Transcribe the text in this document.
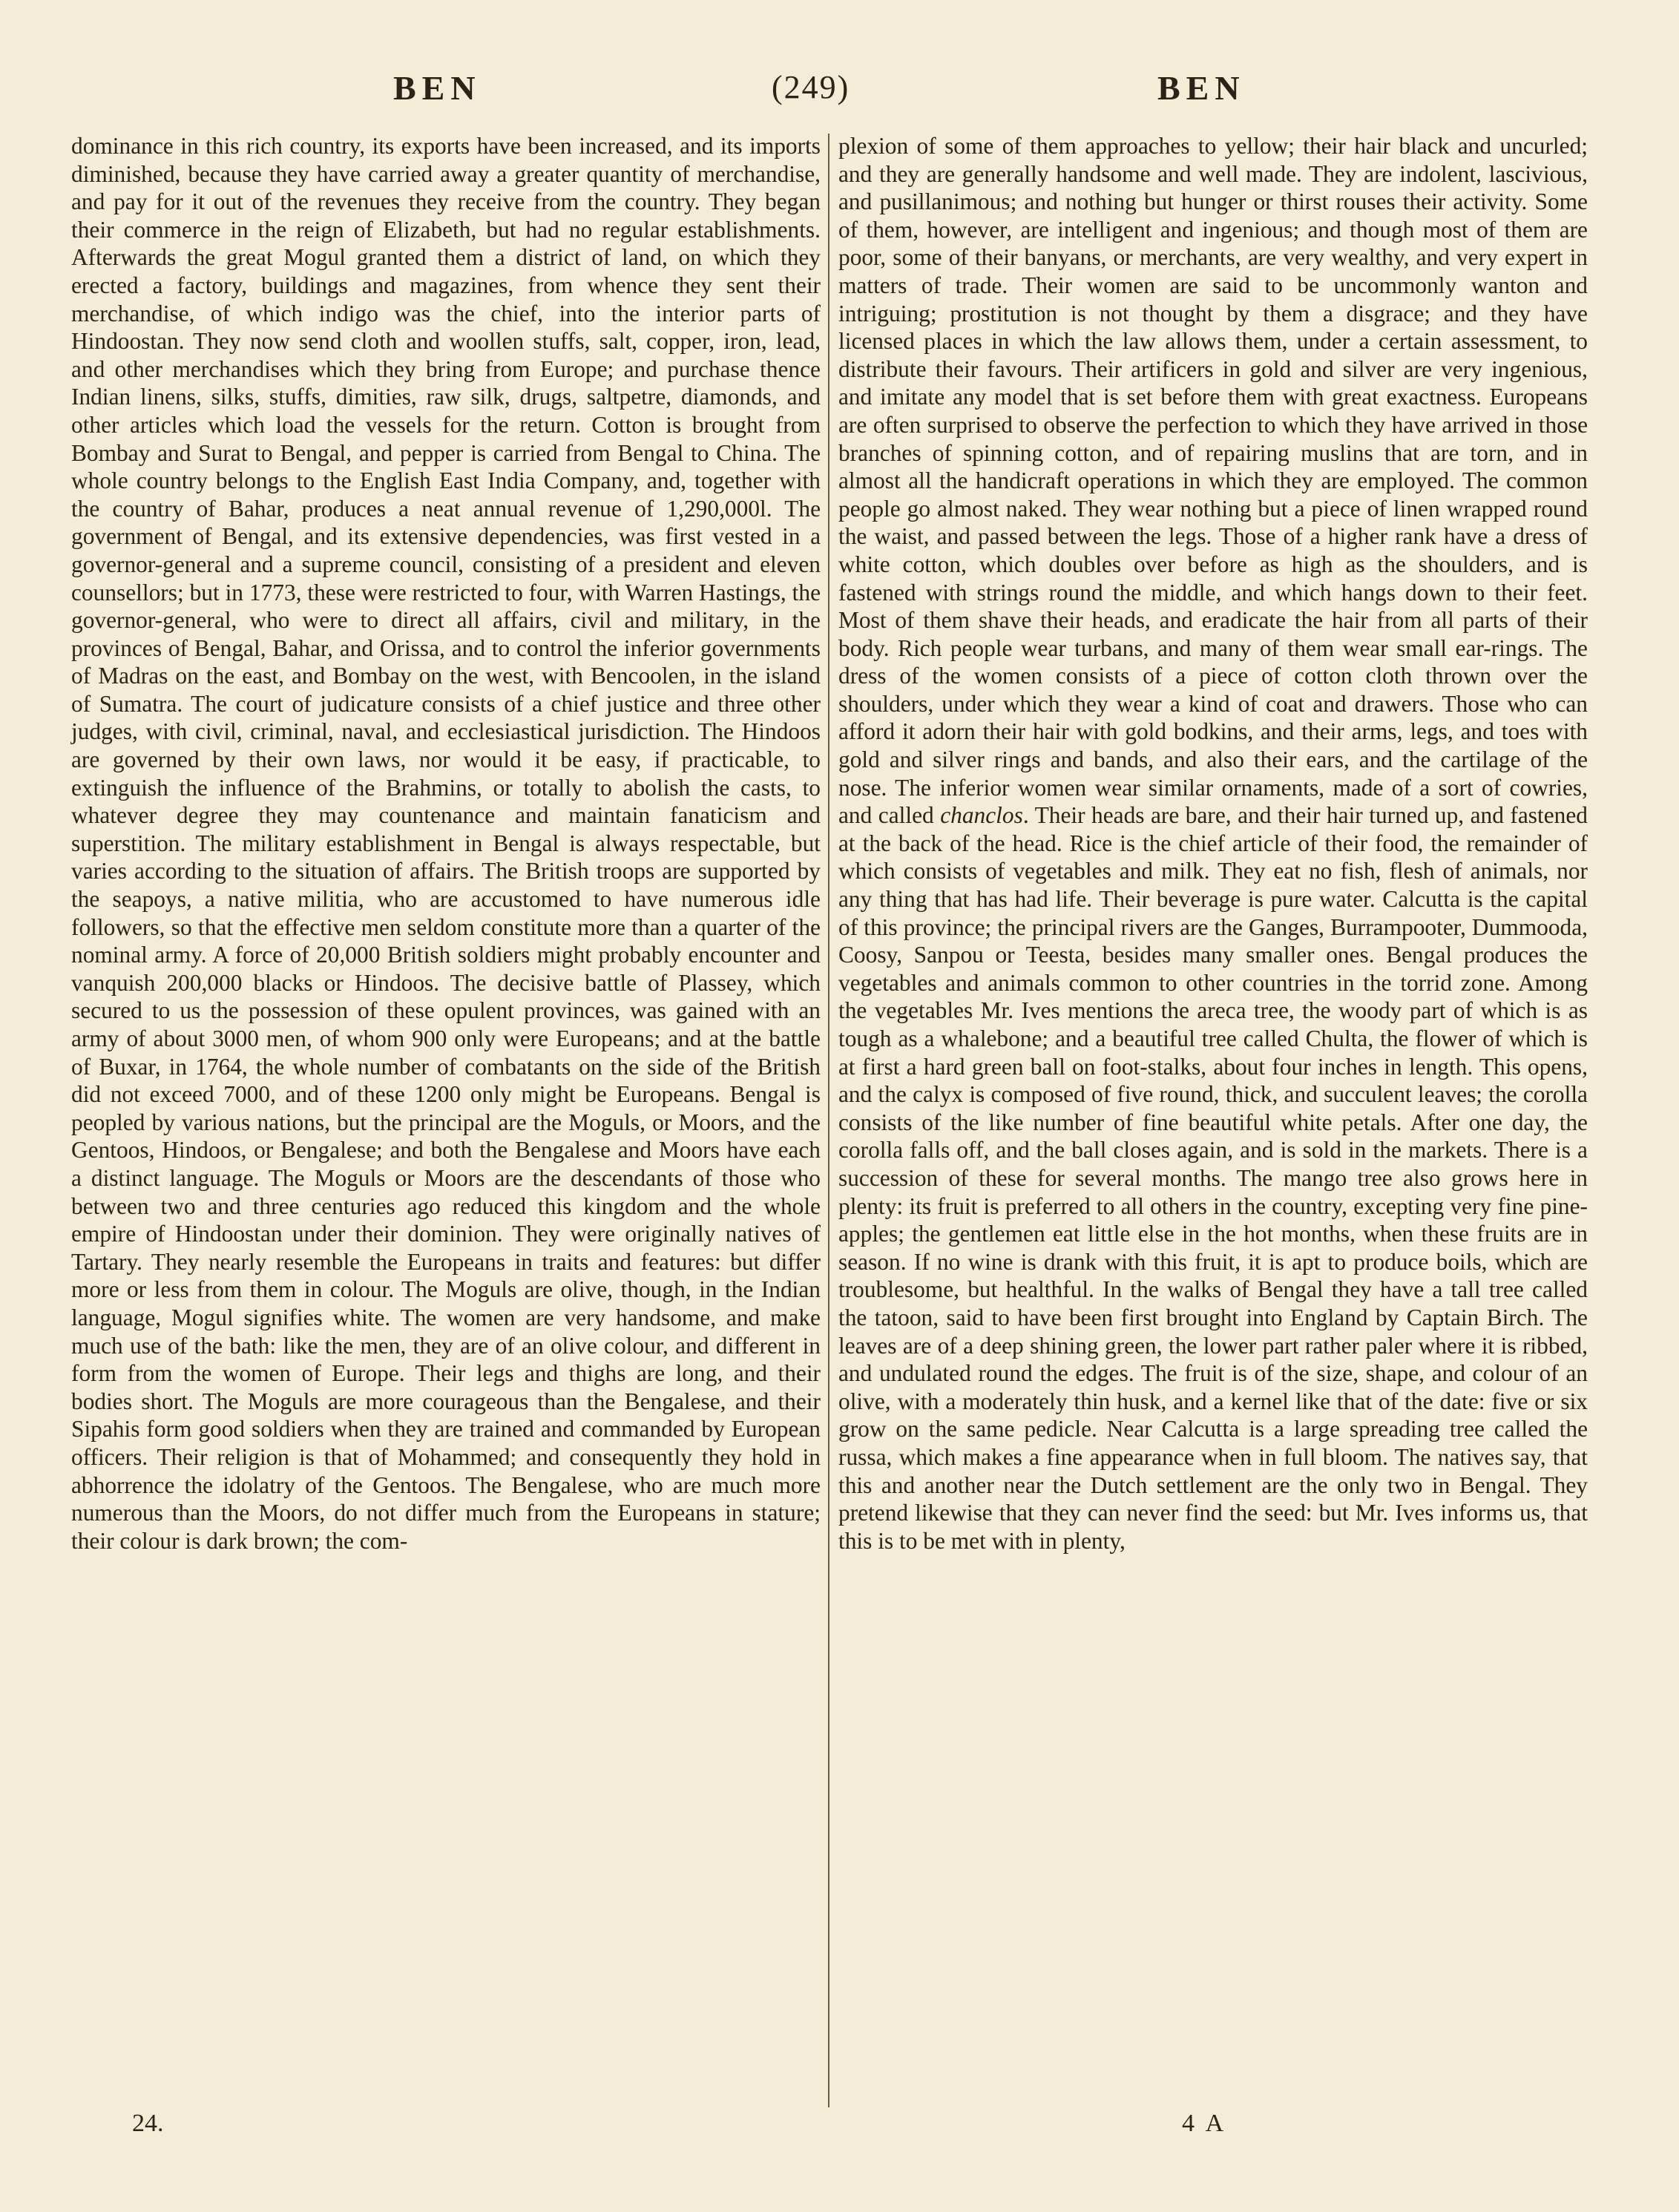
BEN	(249)	BEN

dominance in this rich country, its exports have been increased, and its imports diminished, because they have carried away a greater quantity of merchandise, and pay for it out of the revenues they receive from the country. They began their commerce in the reign of Elizabeth, but had no regular establishments. Afterwards the great Mogul granted them a district of land, on which they erected a factory, buildings and magazines, from whence they sent their merchandise, of which indigo was the chief, into the interior parts of Hindoostan. They now send cloth and woollen stuffs, salt, copper, iron, lead, and other merchandises which they bring from Europe; and purchase thence Indian linens, silks, stuffs, dimities, raw silk, drugs, saltpetre, diamonds, and other articles which load the vessels for the return. Cotton is brought from Bombay and Surat to Bengal, and pepper is carried from Bengal to China. The whole country belongs to the English East India Company, and, together with the country of Bahar, produces a neat annual revenue of 1,290,000l. The government of Bengal, and its extensive dependencies, was first vested in a governor-general and a supreme council, consisting of a president and eleven counsellors; but in 1773, these were restricted to four, with Warren Hastings, the governor-general, who were to direct all affairs, civil and military, in the provinces of Bengal, Bahar, and Orissa, and to control the inferior governments of Madras on the east, and Bombay on the west, with Bencoolen, in the island of Sumatra. The court of judicature consists of a chief justice and three other judges, with civil, criminal, naval, and ecclesiastical jurisdiction. The Hindoos are governed by their own laws, nor would it be easy, if practicable, to extinguish the influence of the Brahmins, or totally to abolish the casts, to whatever degree they may countenance and maintain fanaticism and superstition. The military establishment in Bengal is always respectable, but varies according to the situation of affairs. The British troops are supported by the seapoys, a native militia, who are accustomed to have numerous idle followers, so that the effective men seldom constitute more than a quarter of the nominal army. A force of 20,000 British soldiers might probably encounter and vanquish 200,000 blacks or Hindoos. The decisive battle of Plassey, which secured to us the possession of these opulent provinces, was gained with an army of about 3000 men, of whom 900 only were Europeans; and at the battle of Buxar, in 1764, the whole number of combatants on the side of the British did not exceed 7000, and of these 1200 only might be Europeans. Bengal is peopled by various nations, but the principal are the Moguls, or Moors, and the Gentoos, Hindoos, or Bengalese; and both the Bengalese and Moors have each a distinct language. The Moguls or Moors are the descendants of those who between two and three centuries ago reduced this kingdom and the whole empire of Hindoostan under their dominion. They were originally natives of Tartary. They nearly resemble the Europeans in traits and features: but differ more or less from them in colour. The Moguls are olive, though, in the Indian language, Mogul signifies white. The women are very handsome, and make much use of the bath: like the men, they are of an olive colour, and different in form from the women of Europe. Their legs and thighs are long, and their bodies short. The Moguls are more courageous than the Bengalese, and their Sipahis form good soldiers when they are trained and commanded by European officers. Their religion is that of Mohammed; and consequently they hold in abhorrence the idolatry of the Gentoos. The Bengalese, who are much more numerous than the Moors, do not differ much from the Europeans in stature; their colour is dark brown; the com-

plexion of some of them approaches to yellow; their hair black and uncurled; and they are generally handsome and well made. They are indolent, lascivious, and pusillanimous; and nothing but hunger or thirst rouses their activity. Some of them, however, are intelligent and ingenious; and though most of them are poor, some of their banyans, or merchants, are very wealthy, and very expert in matters of trade. Their women are said to be uncommonly wanton and intriguing; prostitution is not thought by them a disgrace; and they have licensed places in which the law allows them, under a certain assessment, to distribute their favours. Their artificers in gold and silver are very ingenious, and imitate any model that is set before them with great exactness. Europeans are often surprised to observe the perfection to which they have arrived in those branches of spinning cotton, and of repairing muslins that are torn, and in almost all the handicraft operations in which they are employed. The common people go almost naked. They wear nothing but a piece of linen wrapped round the waist, and passed between the legs. Those of a higher rank have a dress of white cotton, which doubles over before as high as the shoulders, and is fastened with strings round the middle, and which hangs down to their feet. Most of them shave their heads, and eradicate the hair from all parts of their body. Rich people wear turbans, and many of them wear small ear-rings. The dress of the women consists of a piece of cotton cloth thrown over the shoulders, under which they wear a kind of coat and drawers. Those who can afford it adorn their hair with gold bodkins, and their arms, legs, and toes with gold and silver rings and bands, and also their ears, and the cartilage of the nose. The inferior women wear similar ornaments, made of a sort of cowries, and called chanclos. Their heads are bare, and their hair turned up, and fastened at the back of the head. Rice is the chief article of their food, the remainder of which consists of vegetables and milk. They eat no fish, flesh of animals, nor any thing that has had life. Their beverage is pure water. Calcutta is the capital of this province; the principal rivers are the Ganges, Burrampooter, Dummooda, Coosy, Sanpou or Teesta, besides many smaller ones. Bengal produces the vegetables and animals common to other countries in the torrid zone. Among the vegetables Mr. Ives mentions the areca tree, the woody part of which is as tough as a whalebone; and a beautiful tree called Chulta, the flower of which is at first a hard green ball on foot-stalks, about four inches in length. This opens, and the calyx is composed of five round, thick, and succulent leaves; the corolla consists of the like number of fine beautiful white petals. After one day, the corolla falls off, and the ball closes again, and is sold in the markets. There is a succession of these for several months. The mango tree also grows here in plenty: its fruit is preferred to all others in the country, excepting very fine pine-apples; the gentlemen eat little else in the hot months, when these fruits are in season. If no wine is drank with this fruit, it is apt to produce boils, which are troublesome, but healthful. In the walks of Bengal they have a tall tree called the tatoon, said to have been first brought into England by Captain Birch. The leaves are of a deep shining green, the lower part rather paler where it is ribbed, and undulated round the edges. The fruit is of the size, shape, and colour of an olive, with a moderately thin husk, and a kernel like that of the date: five or six grow on the same pedicle. Near Calcutta is a large spreading tree called the russa, which makes a fine appearance when in full bloom. The natives say, that this and another near the Dutch settlement are the only two in Bengal. They pretend likewise that they can never find the seed: but Mr. Ives informs us, that this is to be met with in plenty,

24.	4 A
